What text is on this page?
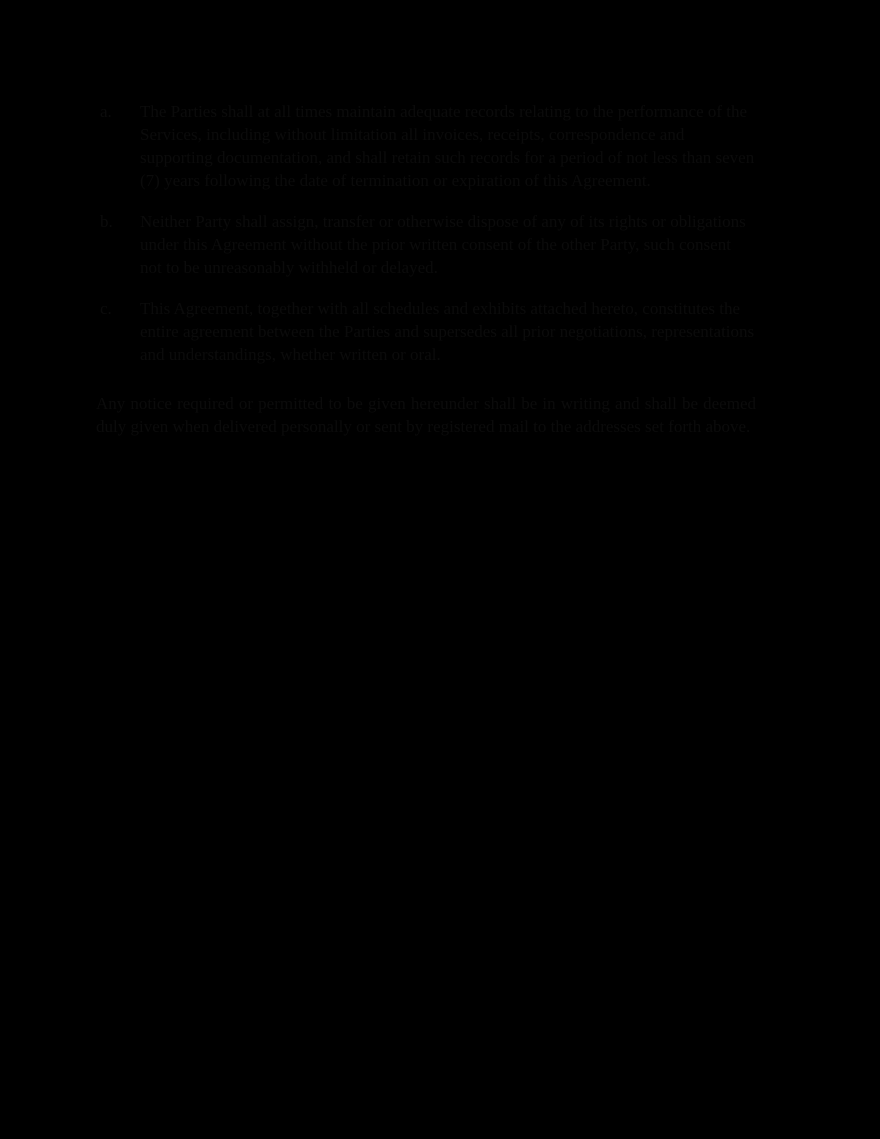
a.	The Parties shall at all times maintain adequate records relating to the performance of the Services, including without limitation all invoices, receipts, correspondence and supporting documentation, and shall retain such records for a period of not less than seven (7) years following the date of termination or expiration of this Agreement.
b.	Neither Party shall assign, transfer or otherwise dispose of any of its rights or obligations under this Agreement without the prior written consent of the other Party, such consent not to be unreasonably withheld or delayed.
c.	This Agreement, together with all schedules and exhibits attached hereto, constitutes the entire agreement between the Parties and supersedes all prior negotiations, representations and understandings, whether written or oral.

Any notice required or permitted to be given hereunder shall be in writing and shall be deemed duly given when delivered personally or sent by registered mail to the addresses set forth above.
